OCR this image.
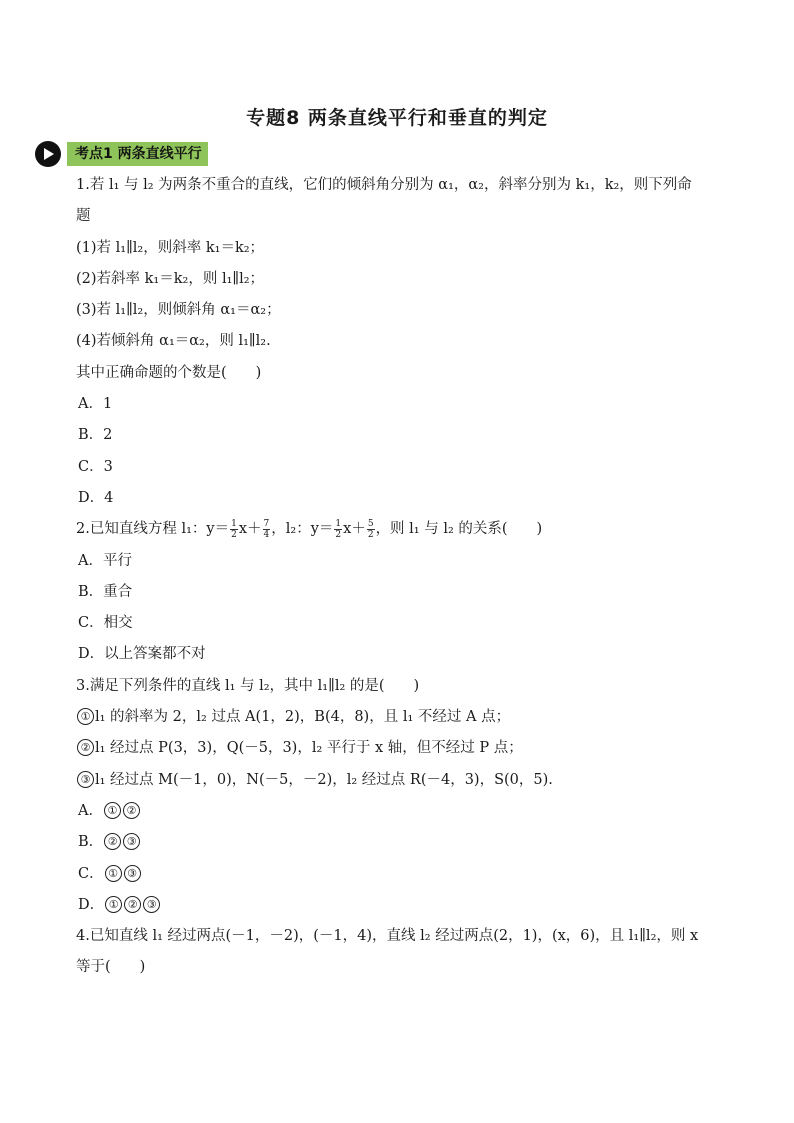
专题8 两条直线平行和垂直的判定
考点1 两条直线平行
1.若 l₁ 与 l₂ 为两条不重合的直线，它们的倾斜角分别为 α₁，α₂，斜率分别为 k₁，k₂，则下列命
题
(1)若 l₁∥l₂，则斜率 k₁＝k₂；
(2)若斜率 k₁＝k₂，则 l₁∥l₂；
(3)若 l₁∥l₂，则倾斜角 α₁＝α₂；
(4)若倾斜角 α₁＝α₂，则 l₁∥l₂.
其中正确命题的个数是(　　)
A．1
B．2
C．3
D．4
2.已知直线方程 l₁：$y= \frac{1}{2} x+ \frac{7}{4}$ ，l₂：$y= \frac{1}{2} x+ \frac{5}{2}$ ，则 l₁ 与 l₂ 的关系(　　)
A．平行
B．重合
C．相交
D．以上答案都不对
3.满足下列条件的直线 l₁ 与 l₂，其中 l₁∥l₂ 的是(　　)
① l₁ 的斜率为 2，l₂ 过点 A(1，2)，B(4，8)，且 l₁ 不经过 A 点；
② l₁ 经过点 P(3，3)，Q(－5，3)，l₂ 平行于 x 轴，但不经过 P 点；
③ l₁ 经过点 M(－1，0)，N(－5，－2)，l₂ 经过点 R(－4，3)，S(0，5).
A． ① ②
B． ② ③
C． ① ③
D． ① ② ③
4.已知直线 l₁ 经过两点(－1，－2)，(－1，4)，直线 l₂ 经过两点(2，1)，(x，6)，且 l₁∥l₂，则 x
等于(　　)
